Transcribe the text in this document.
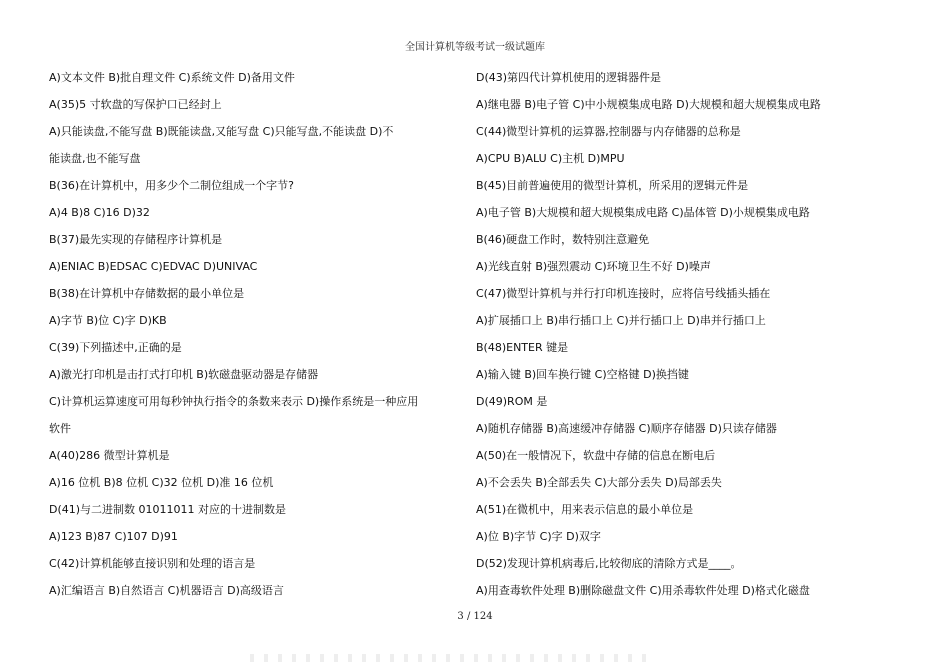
全国计算机等级考试一级试题库
A)文本文件 B)批自理文件 C)系统文件 D)备用文件
A(35)5 寸软盘的写保护口已经封上
A)只能读盘,不能写盘 B)既能读盘,又能写盘 C)只能写盘,不能读盘 D)不
能读盘,也不能写盘
B(36)在计算机中，用多少个二制位组成一个字节?
A)4 B)8 C)16 D)32
B(37)最先实现的存储程序计算机是
A)ENIAC B)EDSAC C)EDVAC D)UNIVAC
B(38)在计算机中存储数据的最小单位是
A)字节 B)位 C)字 D)KB
C(39)下列描述中,正确的是
A)激光打印机是击打式打印机 B)软磁盘驱动器是存储器
C)计算机运算速度可用每秒钟执行指令的条数来表示 D)操作系统是一种应用
软件
A(40)286 微型计算机是
A)16 位机 B)8 位机 C)32 位机 D)准 16 位机
D(41)与二进制数 01011011 对应的十进制数是
A)123 B)87 C)107 D)91
C(42)计算机能够直接识别和处理的语言是
A)汇编语言 B)自然语言 C)机器语言 D)高级语言
D(43)第四代计算机使用的逻辑器件是
A)继电器 B)电子管 C)中小规模集成电路 D)大规模和超大规模集成电路
C(44)微型计算机的运算器,控制器与内存储器的总称是
A)CPU B)ALU C)主机 D)MPU
B(45)目前普遍使用的微型计算机，所采用的逻辑元件是
A)电子管 B)大规模和超大规模集成电路 C)晶体管 D)小规模集成电路
B(46)硬盘工作时，数特别注意避免
A)光线直射 B)强烈震动 C)环境卫生不好 D)噪声
C(47)微型计算机与并行打印机连接时，应将信号线插头插在
A)扩展插口上 B)串行插口上 C)并行插口上 D)串并行插口上
B(48)ENTER 键是
A)输入键 B)回车换行键 C)空格键 D)换挡键
D(49)ROM 是
A)随机存储器 B)高速缓冲存储器 C)顺序存储器 D)只读存储器
A(50)在一般情况下，软盘中存储的信息在断电后
A)不会丢失 B)全部丢失 C)大部分丢失 D)局部丢失
A(51)在微机中，用来表示信息的最小单位是
A)位 B)字节 C)字 D)双字
D(52)发现计算机病毒后,比较彻底的清除方式是____。
A)用查毒软件处理 B)删除磁盘文件 C)用杀毒软件处理 D)格式化磁盘
3 / 124
